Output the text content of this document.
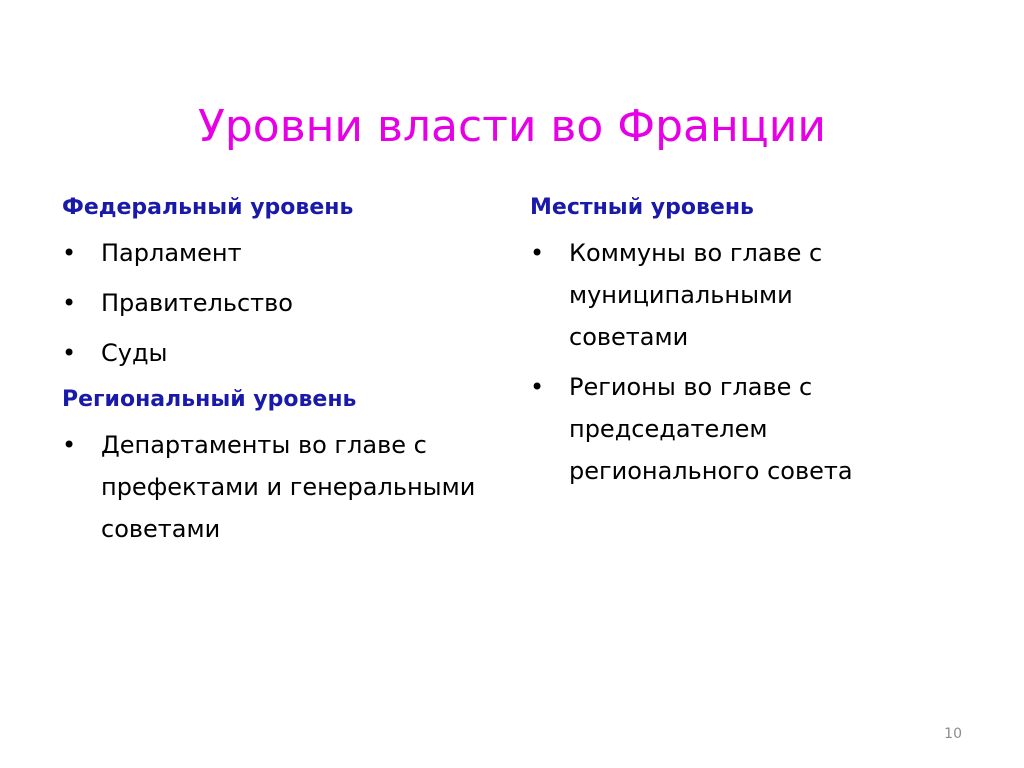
Уровни власти во Франции
Федеральный уровень
• Парламент
• Правительство
• Суды
Региональный уровень
• Департаменты во главе с префектами и генеральными советами
Местный уровень
• Коммуны во главе с муниципальными советами
• Регионы во главе с председателем регионального совета
10
